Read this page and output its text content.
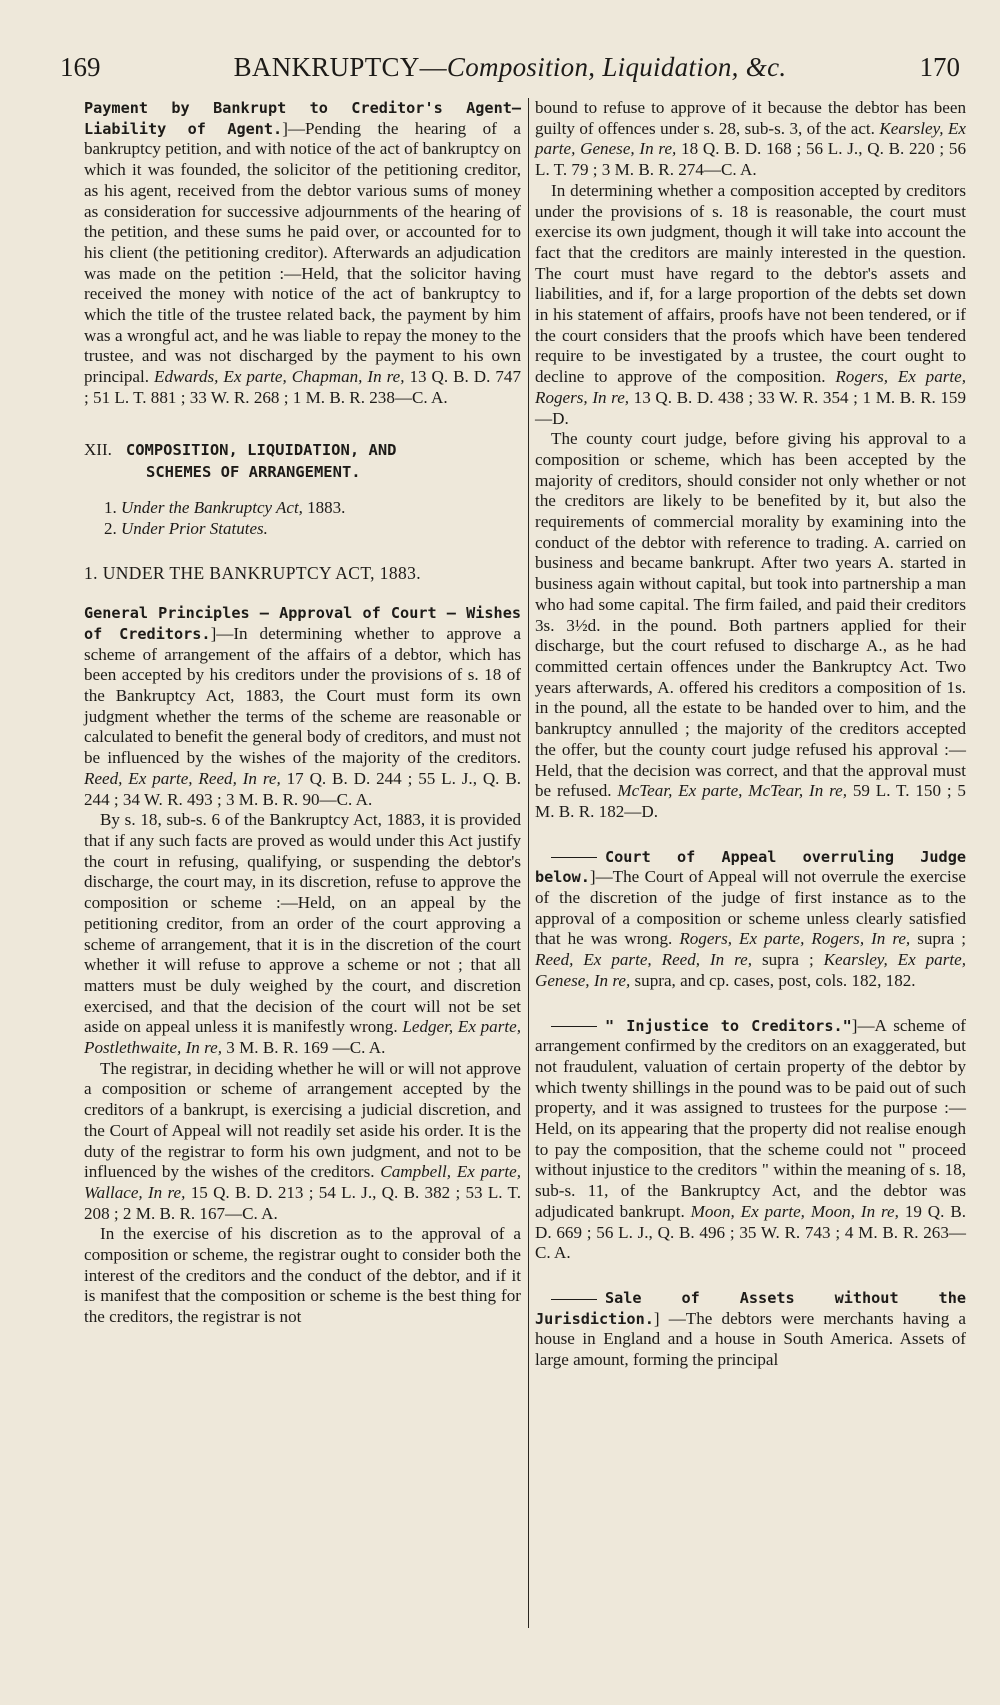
169	BANKRUPTCY—Composition, Liquidation, &c.	170

Payment by Bankrupt to Creditor's Agent—Liability of Agent.]—Pending the hearing of a bankruptcy petition, and with notice of the act of bankruptcy on which it was founded, the solicitor of the petitioning creditor, as his agent, received from the debtor various sums of money as consideration for successive adjournments of the hearing of the petition, and these sums he paid over, or accounted for to his client (the petitioning creditor). Afterwards an adjudication was made on the petition :—Held, that the solicitor having received the money with notice of the act of bankruptcy to which the title of the trustee related back, the payment by him was a wrongful act, and he was liable to repay the money to the trustee, and was not discharged by the payment to his own principal. Edwards, Ex parte, Chapman, In re, 13 Q. B. D. 747 ; 51 L. T. 881 ; 33 W. R. 268 ; 1 M. B. R. 238—C. A.

XII. COMPOSITION, LIQUIDATION, AND
SCHEMES OF ARRANGEMENT.
1. Under the Bankruptcy Act, 1883.
2. Under Prior Statutes.
1. UNDER THE BANKRUPTCY ACT, 1883.

General Principles — Approval of Court — Wishes of Creditors.]—In determining whether to approve a scheme of arrangement of the affairs of a debtor, which has been accepted by his creditors under the provisions of s. 18 of the Bankruptcy Act, 1883, the Court must form its own judgment whether the terms of the scheme are reasonable or calculated to benefit the general body of creditors, and must not be influenced by the wishes of the majority of the creditors. Reed, Ex parte, Reed, In re, 17 Q. B. D. 244 ; 55 L. J., Q. B. 244 ; 34 W. R. 493 ; 3 M. B. R. 90—C. A.

By s. 18, sub-s. 6 of the Bankruptcy Act, 1883, it is provided that if any such facts are proved as would under this Act justify the court in refusing, qualifying, or suspending the debtor's discharge, the court may, in its discretion, refuse to approve the composition or scheme :—Held, on an appeal by the petitioning creditor, from an order of the court approving a scheme of arrangement, that it is in the discretion of the court whether it will refuse to approve a scheme or not ; that all matters must be duly weighed by the court, and discretion exercised, and that the decision of the court will not be set aside on appeal unless it is manifestly wrong. Ledger, Ex parte, Postlethwaite, In re, 3 M. B. R. 169 —C. A.

The registrar, in deciding whether he will or will not approve a composition or scheme of arrangement accepted by the creditors of a bankrupt, is exercising a judicial discretion, and the Court of Appeal will not readily set aside his order. It is the duty of the registrar to form his own judgment, and not to be influenced by the wishes of the creditors. Campbell, Ex parte, Wallace, In re, 15 Q. B. D. 213 ; 54 L. J., Q. B. 382 ; 53 L. T. 208 ; 2 M. B. R. 167—C. A.

In the exercise of his discretion as to the approval of a composition or scheme, the registrar ought to consider both the interest of the creditors and the conduct of the debtor, and if it is manifest that the composition or scheme is the best thing for the creditors, the registrar is not

bound to refuse to approve of it because the debtor has been guilty of offences under s. 28, sub-s. 3, of the act. Kearsley, Ex parte, Genese, In re, 18 Q. B. D. 168 ; 56 L. J., Q. B. 220 ; 56 L. T. 79 ; 3 M. B. R. 274—C. A.

In determining whether a composition accepted by creditors under the provisions of s. 18 is reasonable, the court must exercise its own judgment, though it will take into account the fact that the creditors are mainly interested in the question. The court must have regard to the debtor's assets and liabilities, and if, for a large proportion of the debts set down in his statement of affairs, proofs have not been tendered, or if the court considers that the proofs which have been tendered require to be investigated by a trustee, the court ought to decline to approve of the composition. Rogers, Ex parte, Rogers, In re, 13 Q. B. D. 438 ; 33 W. R. 354 ; 1 M. B. R. 159—D.

The county court judge, before giving his approval to a composition or scheme, which has been accepted by the majority of creditors, should consider not only whether or not the creditors are likely to be benefited by it, but also the requirements of commercial morality by examining into the conduct of the debtor with reference to trading. A. carried on business and became bankrupt. After two years A. started in business again without capital, but took into partnership a man who had some capital. The firm failed, and paid their creditors 3s. 3½d. in the pound. Both partners applied for their discharge, but the court refused to discharge A., as he had committed certain offences under the Bankruptcy Act. Two years afterwards, A. offered his creditors a composition of 1s. in the pound, all the estate to be handed over to him, and the bankruptcy annulled ; the majority of the creditors accepted the offer, but the county court judge refused his approval :—Held, that the decision was correct, and that the approval must be refused. McTear, Ex parte, McTear, In re, 59 L. T. 150 ; 5 M. B. R. 182—D.

Court of Appeal overruling Judge below.]—The Court of Appeal will not overrule the exercise of the discretion of the judge of first instance as to the approval of a composition or scheme unless clearly satisfied that he was wrong. Rogers, Ex parte, Rogers, In re, supra ; Reed, Ex parte, Reed, In re, supra ; Kearsley, Ex parte, Genese, In re, supra, and cp. cases, post, cols. 182, 182.

" Injustice to Creditors."]—A scheme of arrangement confirmed by the creditors on an exaggerated, but not fraudulent, valuation of certain property of the debtor by which twenty shillings in the pound was to be paid out of such property, and it was assigned to trustees for the purpose :—Held, on its appearing that the property did not realise enough to pay the composition, that the scheme could not " proceed without injustice to the creditors " within the meaning of s. 18, sub-s. 11, of the Bankruptcy Act, and the debtor was adjudicated bankrupt. Moon, Ex parte, Moon, In re, 19 Q. B. D. 669 ; 56 L. J., Q. B. 496 ; 35 W. R. 743 ; 4 M. B. R. 263—C. A.

Sale of Assets without the Jurisdiction.] —The debtors were merchants having a house in England and a house in South America. Assets of large amount, forming the principal
